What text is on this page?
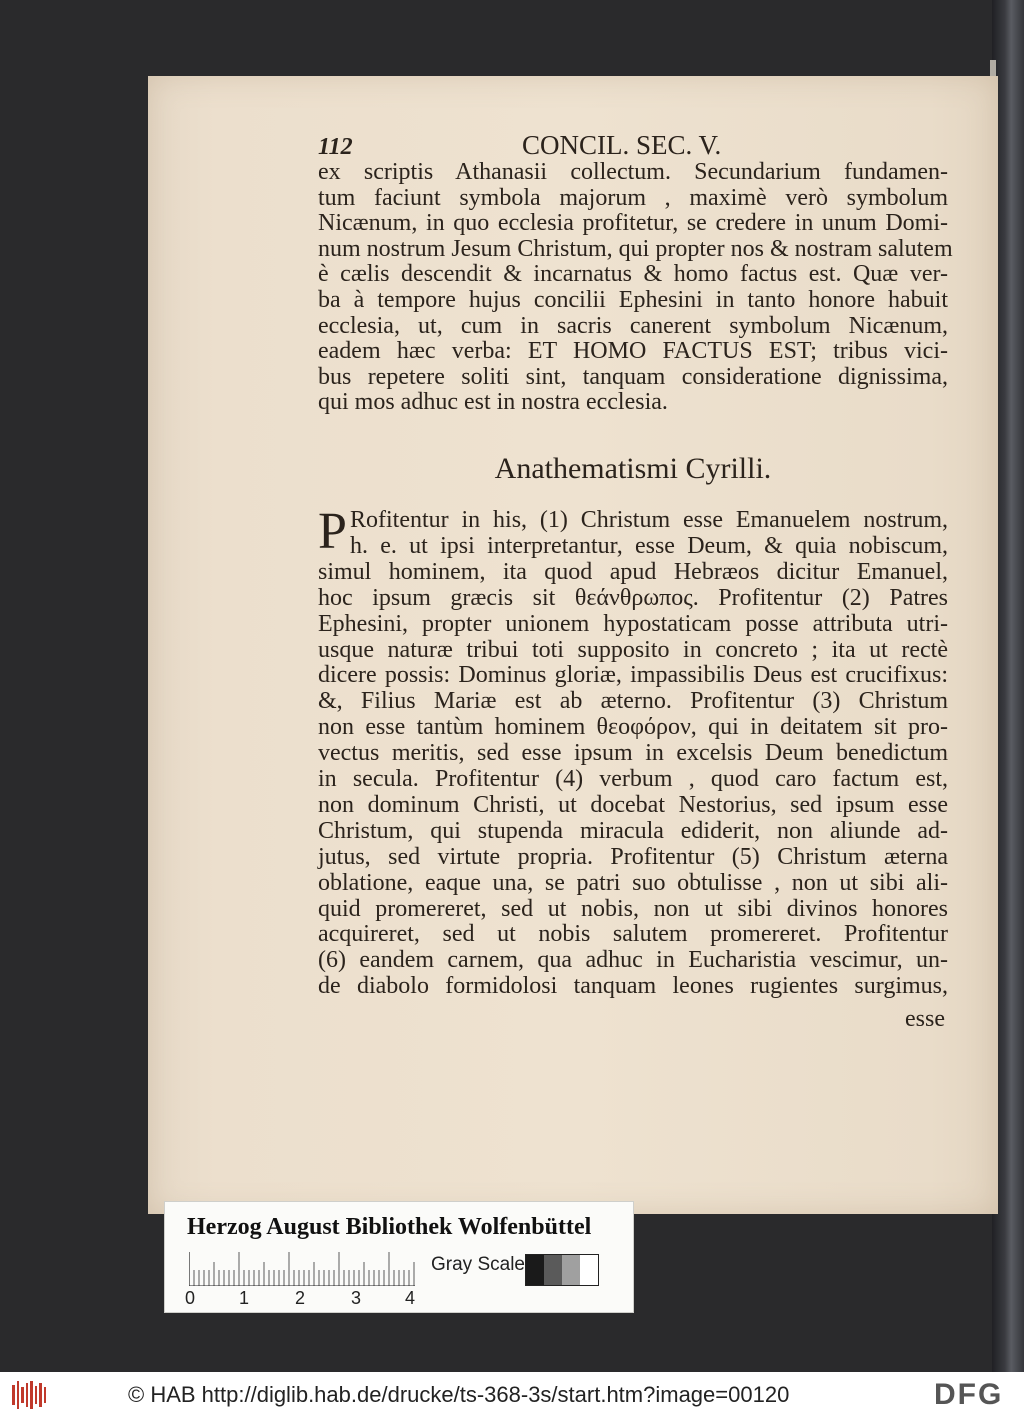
112	CONCIL. SEC. V.
ex scriptis Athanasii collectum. Secundarium fundamen-
tum faciunt symbola majorum , maximè verò symbolum
Nicænum, in quo ecclesia profitetur, se credere in unum Domi-
num nostrum Jesum Christum, qui propter nos & nostram salutem
è cælis descendit & incarnatus & homo factus est. Quæ ver-
ba à tempore hujus concilii Ephesini in tanto honore habuit
ecclesia, ut, cum in sacris canerent symbolum Nicænum,
eadem hæc verba: ET HOMO FACTUS EST; tribus vici-
bus repetere soliti sint, tanquam consideratione dignissima,
qui mos adhuc est in nostra ecclesia.
Anathematismi Cyrilli.
P Rofitentur in his, (1) Christum esse Emanuelem nostrum,
h. e. ut ipsi interpretantur, esse Deum, & quia nobiscum,
simul hominem, ita quod apud Hebræos dicitur Emanuel,
hoc ipsum græcis sit θεάνθρωπος. Profitentur (2) Patres
Ephesini, propter unionem hypostaticam posse attributa utri-
usque naturæ tribui toti supposito in concreto ; ita ut rectè
dicere possis: Dominus gloriæ, impassibilis Deus est crucifixus:
&, Filius Mariæ est ab æterno. Profitentur (3) Christum
non esse tantùm hominem θεοφόρον, qui in deitatem sit pro-
vectus meritis, sed esse ipsum in excelsis Deum benedictum
in secula. Profitentur (4) verbum , quod caro factum est,
non dominum Christi, ut docebat Nestorius, sed ipsum esse
Christum, qui stupenda miracula ediderit, non aliunde ad-
jutus, sed virtute propria. Profitentur (5) Christum æterna
oblatione, eaque una, se patri suo obtulisse , non ut sibi ali-
quid promereret, sed ut nobis, non ut sibi divinos honores
acquireret, sed ut nobis salutem promereret. Profitentur
(6) eandem carnem, qua adhuc in Eucharistia vescimur, un-
de diabolo formidolosi tanquam leones rugientes surgimus,
esse
Herzog August Bibliothek Wolfenbüttel
0 1	2	3 4
Gray Scale
© HAB http://diglib.hab.de/drucke/ts-368-3s/start.htm?image=00120	DFG
